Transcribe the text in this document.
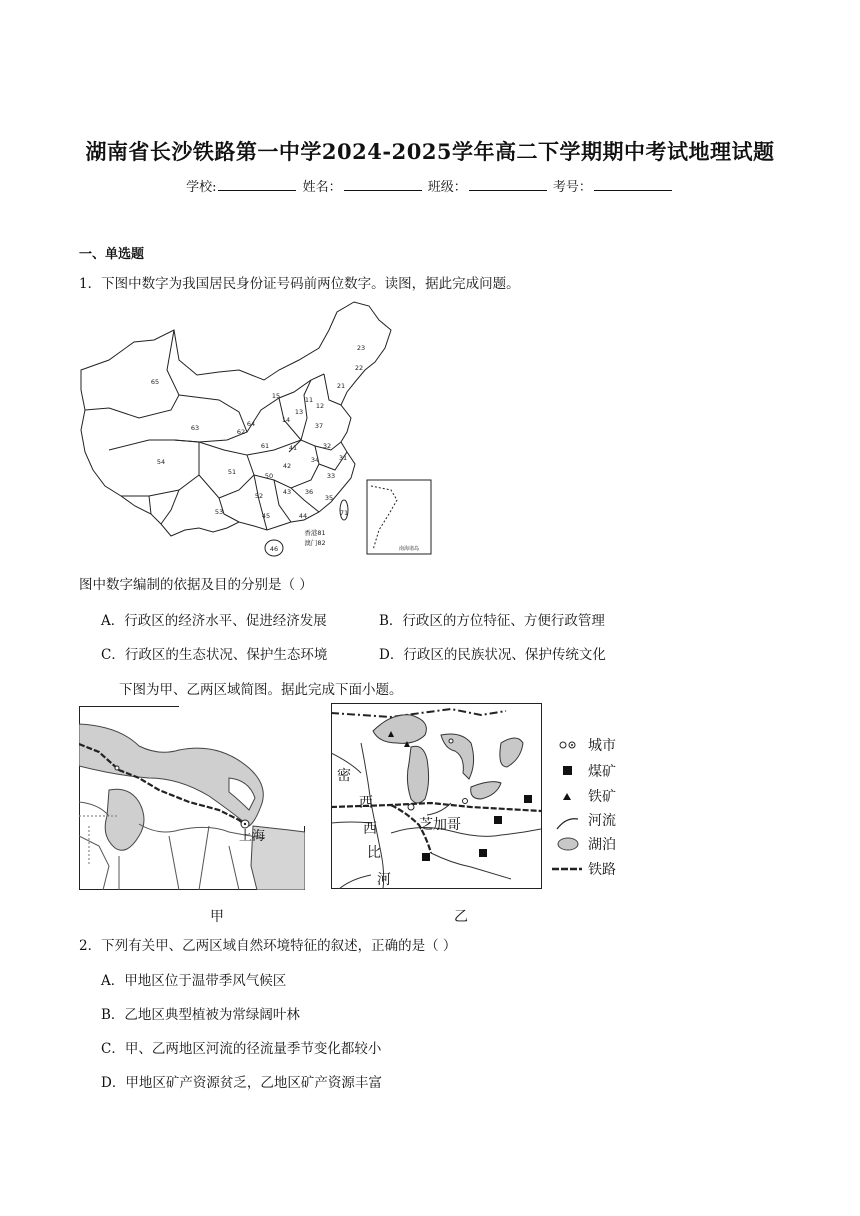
湖南省长沙铁路第一中学2024-2025学年高二下学期期中考试地理试题
学校:	姓名：	班级：	考号：
一、单选题
1．下图中数字为我国居民身份证号码前两位数字。读图，据此完成问题。
65
23
22
21
15	11
12
13
14
37
64
62
63
61	41	32
31
54
51
42
34
50	33
52	43 36
35
53	45	44
46
71
香港81
澳门82
南海诸岛
图中数字编制的依据及目的分别是（ ）
A．行政区的经济水平、促进经济发展	B．行政区的方位特征、方便行政管理
C．行政区的生态状况、保护生态环境	D．行政区的民族状况、保护传统文化
下图为甲、乙两区域简图。据此完成下面小题。
上海
密
西
西
比
河
芝加哥
城市
煤矿
铁矿
河流
湖泊
铁路
甲	乙
2．下列有关甲、乙两区域自然环境特征的叙述，正确的是（ ）
A．甲地区位于温带季风气候区
B．乙地区典型植被为常绿阔叶林
C．甲、乙两地区河流的径流量季节变化都较小
D．甲地区矿产资源贫乏，乙地区矿产资源丰富
